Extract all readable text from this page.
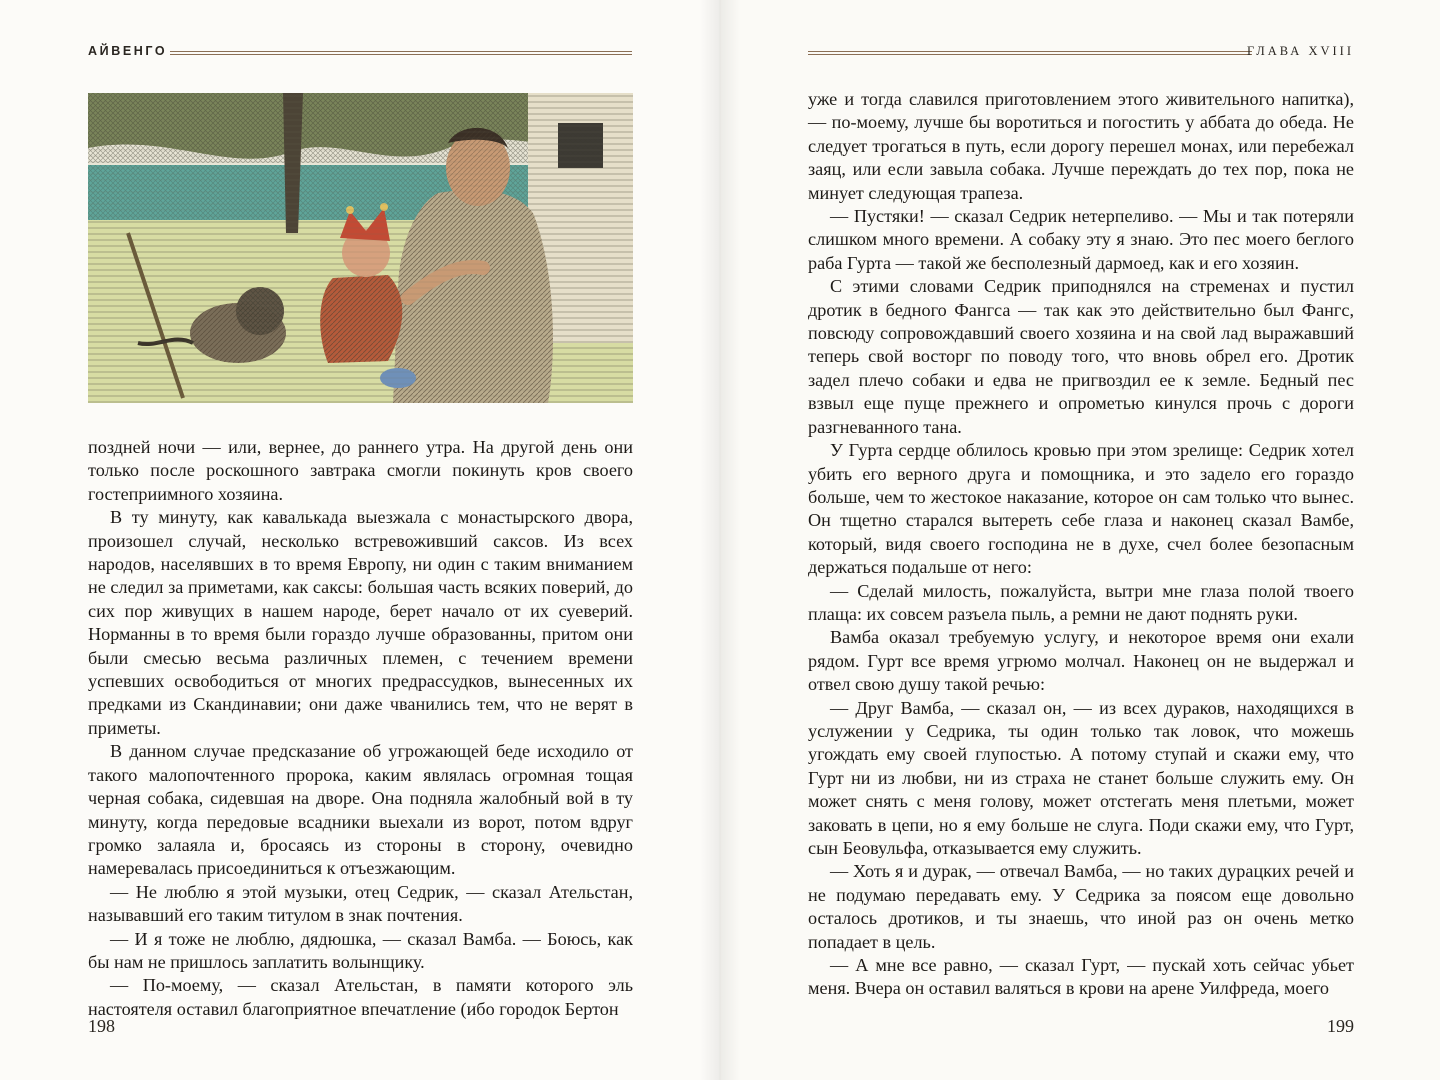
АЙВЕНГО

поздней ночи — или, вернее, до раннего утра. На другой день они только после роскошного завтрака смогли покинуть кров своего гостеприимного хозяина.

В ту минуту, как кавалькада выезжала с монастырского двора, произошел случай, несколько встревоживший саксов. Из всех народов, населявших в то время Европу, ни один с таким вниманием не следил за приметами, как саксы: большая часть всяких поверий, до сих пор живущих в нашем народе, берет начало от их суеверий. Норманны в то время были гораздо лучше образованны, притом они были смесью весьма различных племен, с течением времени успевших освободиться от многих предрассудков, вынесенных их предками из Скандинавии; они даже чванились тем, что не верят в приметы.

В данном случае предсказание об угрожающей беде исходило от такого малопочтенного пророка, каким являлась огромная тощая черная собака, сидевшая на дворе. Она подняла жалобный вой в ту минуту, когда передовые всадники выехали из ворот, потом вдруг громко залаяла и, бросаясь из стороны в сторону, очевидно намеревалась присоединиться к отъезжающим.

— Не люблю я этой музыки, отец Седрик, — сказал Ательстан, называвший его таким титулом в знак почтения.

— И я тоже не люблю, дядюшка, — сказал Вамба. — Боюсь, как бы нам не пришлось заплатить волынщику.

— По-моему, — сказал Ательстан, в памяти которого эль настоятеля оставил благоприятное впечатление (ибо городок Бертон

198
ГЛАВА XVIII

уже и тогда славился приготовлением этого живительного напитка), — по-моему, лучше бы воротиться и погостить у аббата до обеда. Не следует трогаться в путь, если дорогу перешел монах, или перебежал заяц, или если завыла собака. Лучше переждать до тех пор, пока не минует следующая трапеза.

— Пустяки! — сказал Седрик нетерпеливо. — Мы и так потеряли слишком много времени. А собаку эту я знаю. Это пес моего беглого раба Гурта — такой же бесполезный дармоед, как и его хозяин.

С этими словами Седрик приподнялся на стременах и пустил дротик в бедного Фангса — так как это действительно был Фангс, повсюду сопровождавший своего хозяина и на свой лад выражавший теперь свой восторг по поводу того, что вновь обрел его. Дротик задел плечо собаки и едва не пригвоздил ее к земле. Бедный пес взвыл еще пуще прежнего и опрометью кинулся прочь с дороги разгневанного тана.

У Гурта сердце облилось кровью при этом зрелище: Седрик хотел убить его верного друга и помощника, и это задело его гораздо больше, чем то жестокое наказание, которое он сам только что вынес. Он тщетно старался вытереть себе глаза и наконец сказал Вамбе, который, видя своего господина не в духе, счел более безопасным держаться подальше от него:

— Сделай милость, пожалуйста, вытри мне глаза полой твоего плаща: их совсем разъела пыль, а ремни не дают поднять руки.

Вамба оказал требуемую услугу, и некоторое время они ехали рядом. Гурт все время угрюмо молчал. Наконец он не выдержал и отвел свою душу такой речью:

— Друг Вамба, — сказал он, — из всех дураков, находящихся в услужении у Седрика, ты один только так ловок, что можешь угождать ему своей глупостью. А потому ступай и скажи ему, что Гурт ни из любви, ни из страха не станет больше служить ему. Он может снять с меня голову, может отстегать меня плетьми, может заковать в цепи, но я ему больше не слуга. Поди скажи ему, что Гурт, сын Беовульфа, отказывается ему служить.

— Хоть я и дурак, — отвечал Вамба, — но таких дурацких речей и не подумаю передавать ему. У Седрика за поясом еще довольно осталось дротиков, и ты знаешь, что иной раз он очень метко попадает в цель.

— А мне все равно, — сказал Гурт, — пускай хоть сейчас убьет меня. Вчера он оставил валяться в крови на арене Уилфреда, моего

199
